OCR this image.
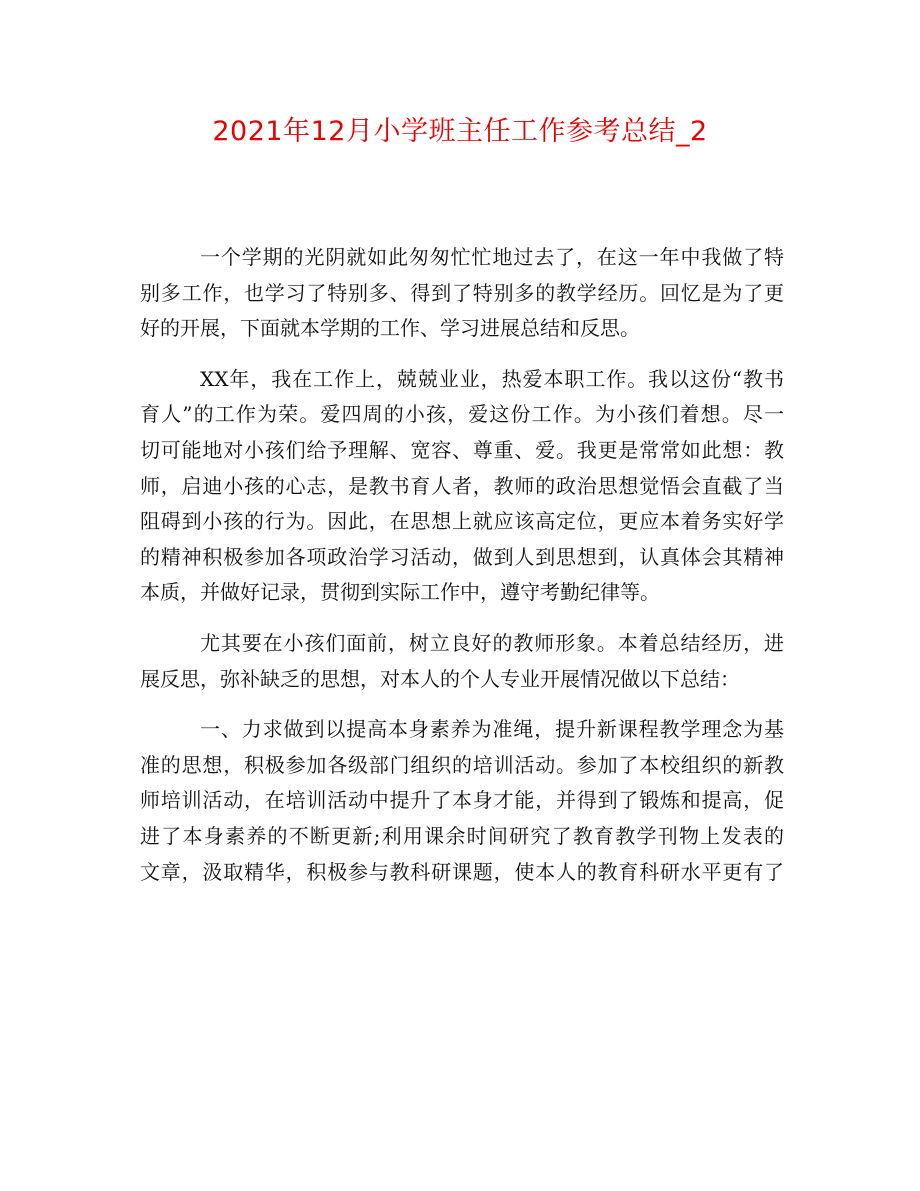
2021年12月小学班主任工作参考总结_2
一个学期的光阴就如此匆匆忙忙地过去了，在这一年中我做了特
别多工作，也学习了特别多、得到了特别多的教学经历。回忆是为了更
好的开展，下面就本学期的工作、学习进展总结和反思。
XX年，我在工作上，兢兢业业，热爱本职工作。我以这份“教书
育人”的工作为荣。爱四周的小孩，爱这份工作。为小孩们着想。尽一
切可能地对小孩们给予理解、宽容、尊重、爱。我更是常常如此想：教
师，启迪小孩的心志，是教书育人者，教师的政治思想觉悟会直截了当
阻碍到小孩的行为。因此，在思想上就应该高定位，更应本着务实好学
的精神积极参加各项政治学习活动，做到人到思想到，认真体会其精神
本质，并做好记录，贯彻到实际工作中，遵守考勤纪律等。
尤其要在小孩们面前，树立良好的教师形象。本着总结经历，进
展反思，弥补缺乏的思想，对本人的个人专业开展情况做以下总结：
一、力求做到以提高本身素养为准绳，提升新课程教学理念为基
准的思想，积极参加各级部门组织的培训活动。参加了本校组织的新教
师培训活动，在培训活动中提升了本身才能，并得到了锻炼和提高，促
进了本身素养的不断更新;利用课余时间研究了教育教学刊物上发表的
文章，汲取精华，积极参与教科研课题，使本人的教育科研水平更有了
